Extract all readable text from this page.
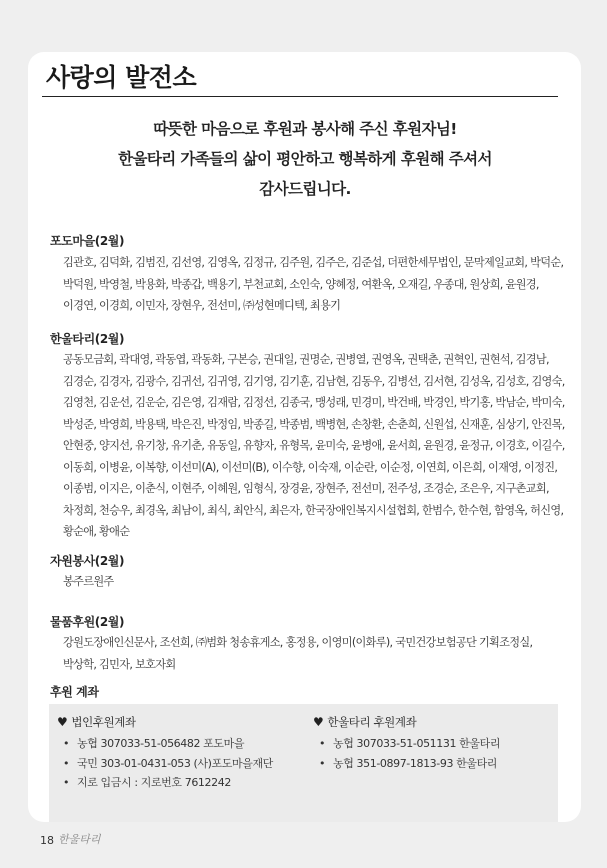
사랑의 발전소
따뜻한 마음으로 후원과 봉사해 주신 후원자님!
한울타리 가족들의 삶이 평안하고 행복하게 후원해 주셔서
감사드립니다.
포도마을(2월)
김관호, 김덕화, 김범진, 김선영, 김영옥, 김정규, 김주원, 김주은, 김준섭, 더편한세무법인, 문막제일교회, 박덕순, 박덕원, 박영철, 박용화, 박종갑, 백용기, 부천교회, 소인숙, 양혜정, 여환옥, 오재길, 우종대, 원상희, 윤원경, 이경연, 이경희, 이민자, 장현우, 전선미, ㈜성현메디텍, 최용기
한울타리(2월)
공동모금회, 곽대영, 곽동엽, 곽동화, 구본승, 권대일, 권명순, 권병열, 권영옥, 권택춘, 권혁인, 권현석, 김경남, 김경순, 김경자, 김광수, 김귀선, 김귀영, 김기영, 김기훈, 김남현, 김동우, 김병선, 김서현, 김성옥, 김성호, 김영숙, 김영천, 김운선, 김운순, 김은영, 김재람, 김정선, 김종국, 맹성래, 민경미, 박건배, 박경인, 박기홍, 박남순, 박미숙, 박성준, 박영희, 박용택, 박은진, 박정임, 박종길, 박종범, 백병현, 손창환, 손춘희, 신원섭, 신재훈, 심상기, 안진목, 안현중, 양지선, 유기창, 유기춘, 유동일, 유향자, 유형목, 윤미숙, 윤병애, 윤서희, 윤원경, 윤정규, 이경호, 이길수, 이동희, 이병윤, 이복향, 이선미(A), 이선미(B), 이수향, 이숙재, 이순란, 이순정, 이연희, 이은희, 이재영, 이정진, 이종범, 이지은, 이춘식, 이현주, 이혜원, 임형식, 장경윤, 장현주, 전선미, 전주성, 조경순, 조은우, 지구촌교회, 차정희, 천승우, 최경옥, 최남이, 최식, 최안식, 최은자, 한국장애인복지시설협회, 한범수, 한수현, 함영옥, 허신영, 황순애, 황애순
자원봉사(2월)
봉주르원주
물품후원(2월)
강원도장애인신문사, 조선희, ㈜범화 청송휴게소, 홍정용, 이영미(이화루), 국민건강보험공단 기획조정실, 박상학, 김민자, 보호자회
후원 계좌
♥ 법인후원계좌
• 농협 307033-51-056482 포도마을
• 국민 303-01-0431-053 (사)포도마을재단
• 지로 입금시 : 지로번호 7612242
♥ 한울타리 후원계좌
• 농협 307033-51-051131 한울타리
• 농협 351-0897-1813-93 한울타리
18 한울타리
